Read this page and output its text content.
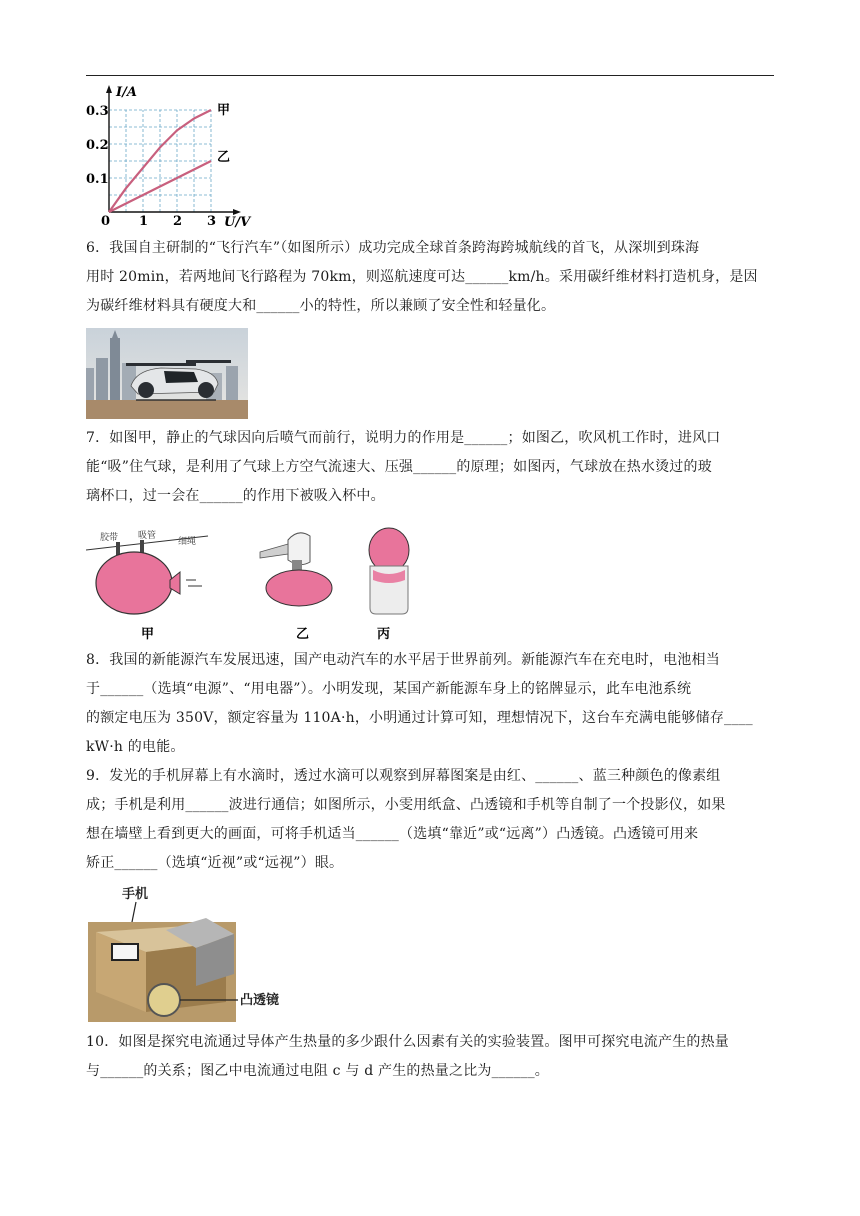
I/A
U/V
0 1 2 3
0.3
0.2
0.1
甲
乙

6．我国自主研制的“飞行汽车”（如图所示）成功完成全球首条跨海跨城航线的首飞，从深圳到珠海

用时 20min，若两地间飞行路程为 70km，则巡航速度可达______km/h。采用碳纤维材料打造机身，是因

为碳纤维材料具有硬度大和______小的特性，所以兼顾了安全性和轻量化。

7．如图甲，静止的气球因向后喷气而前行，说明力的作用是______；如图乙，吹风机工作时，进风口

能“吸”住气球，是利用了气球上方空气流速大、压强______的原理；如图丙，气球放在热水烫过的玻

璃杯口，过一会在______的作用下被吸入杯中。

胶带 吸管
细绳
甲	乙	丙

8．我国的新能源汽车发展迅速，国产电动汽车的水平居于世界前列。新能源汽车在充电时，电池相当

于______（选填“电源”、“用电器”）。小明发现，某国产新能源车身上的铭牌显示，此车电池系统

的额定电压为 350V，额定容量为 110A·h，小明通过计算可知，理想情况下，这台车充满电能够储存____

kW·h 的电能。

9．发光的手机屏幕上有水滴时，透过水滴可以观察到屏幕图案是由红、______、蓝三种颜色的像素组

成；手机是利用______波进行通信；如图所示，小雯用纸盒、凸透镜和手机等自制了一个投影仪，如果

想在墙壁上看到更大的画面，可将手机适当______（选填“靠近”或“远离”）凸透镜。凸透镜可用来

矫正______（选填“近视”或“远视”）眼。

手机
凸透镜

10．如图是探究电流通过导体产生热量的多少跟什么因素有关的实验装置。图甲可探究电流产生的热量

与______的关系；图乙中电流通过电阻 c 与 d 产生的热量之比为______。
